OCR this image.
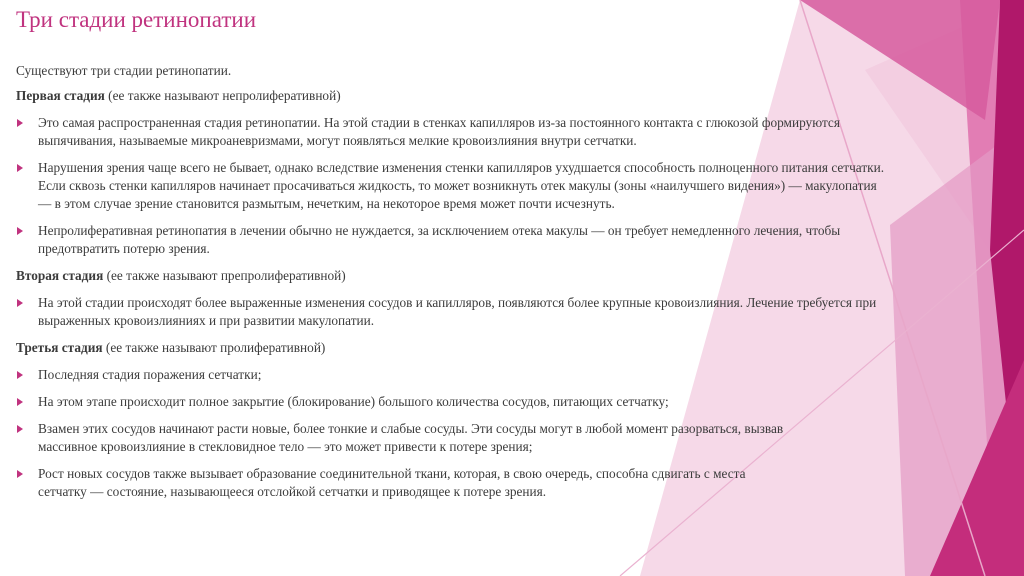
Три стадии ретинопатии

Существуют три стадии ретинопатии.

Первая стадия (ее также называют непролиферативной)

Это самая распространенная стадия ретинопатии. На этой стадии в стенках капилляров из-за постоянного контакта с глюкозой формируются выпячивания, называемые микроаневризмами, могут появляться мелкие кровоизлияния внутри сетчатки.
Нарушения зрения чаще всего не бывает, однако вследствие изменения стенки капилляров ухудшается способность полноценного питания сетчатки. Если сквозь стенки капилляров начинает просачиваться жидкость, то может возникнуть отек макулы (зоны «наилучшего видения») — макулопатия — в этом случае зрение становится размытым, нечетким, на некоторое время может почти исчезнуть.
Непролиферативная ретинопатия в лечении обычно не нуждается, за исключением отека макулы — он требует немедленного лечения, чтобы предотвратить потерю зрения.

Вторая стадия (ее также называют препролиферативной)

На этой стадии происходят более выраженные изменения сосудов и капилляров, появляются более крупные кровоизлияния. Лечение требуется при выраженных кровоизлияниях и при развитии макулопатии.

Третья стадия (ее также называют пролиферативной)

Последняя стадия поражения сетчатки;
На этом этапе происходит полное закрытие (блокирование) большого количества сосудов, питающих сетчатку;
Взамен этих сосудов начинают расти новые, более тонкие и слабые сосуды. Эти сосуды могут в любой момент разорваться, вызвав массивное кровоизлияние в стекловидное тело — это может привести к потере зрения;
Рост новых сосудов также вызывает образование соединительной ткани, которая, в свою очередь, способна сдвигать с места сетчатку — состояние, называющееся отслойкой сетчатки и приводящее к потере зрения.
